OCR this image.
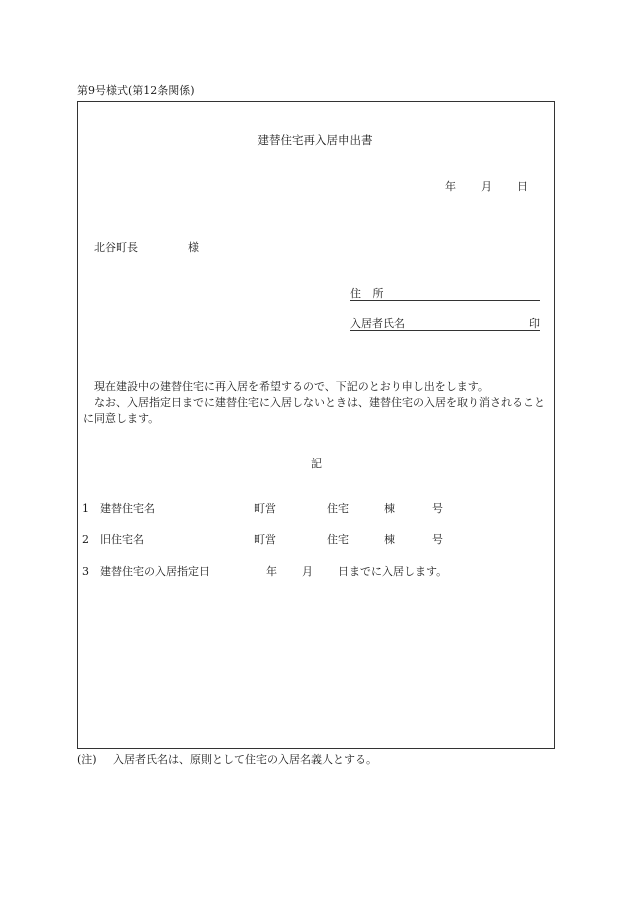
第9号様式(第12条関係)
建替住宅再入居申出書
年 月 日
北谷町長	様
住 所
入居者氏名	印

現在建設中の建替住宅に再入居を希望するので、下記のとおり申し出をします。

なお、入居指定日までに建替住宅に入居しないときは、建替住宅の入居を取り消されることに同意します。

記
1 建替住宅名	町営	住宅	棟	号
2 旧住宅名	町営	住宅	棟	号
3 建替住宅の入居指定日	年 月 日までに入居します。
(注) 入居者氏名は、原則として住宅の入居名義人とする。
